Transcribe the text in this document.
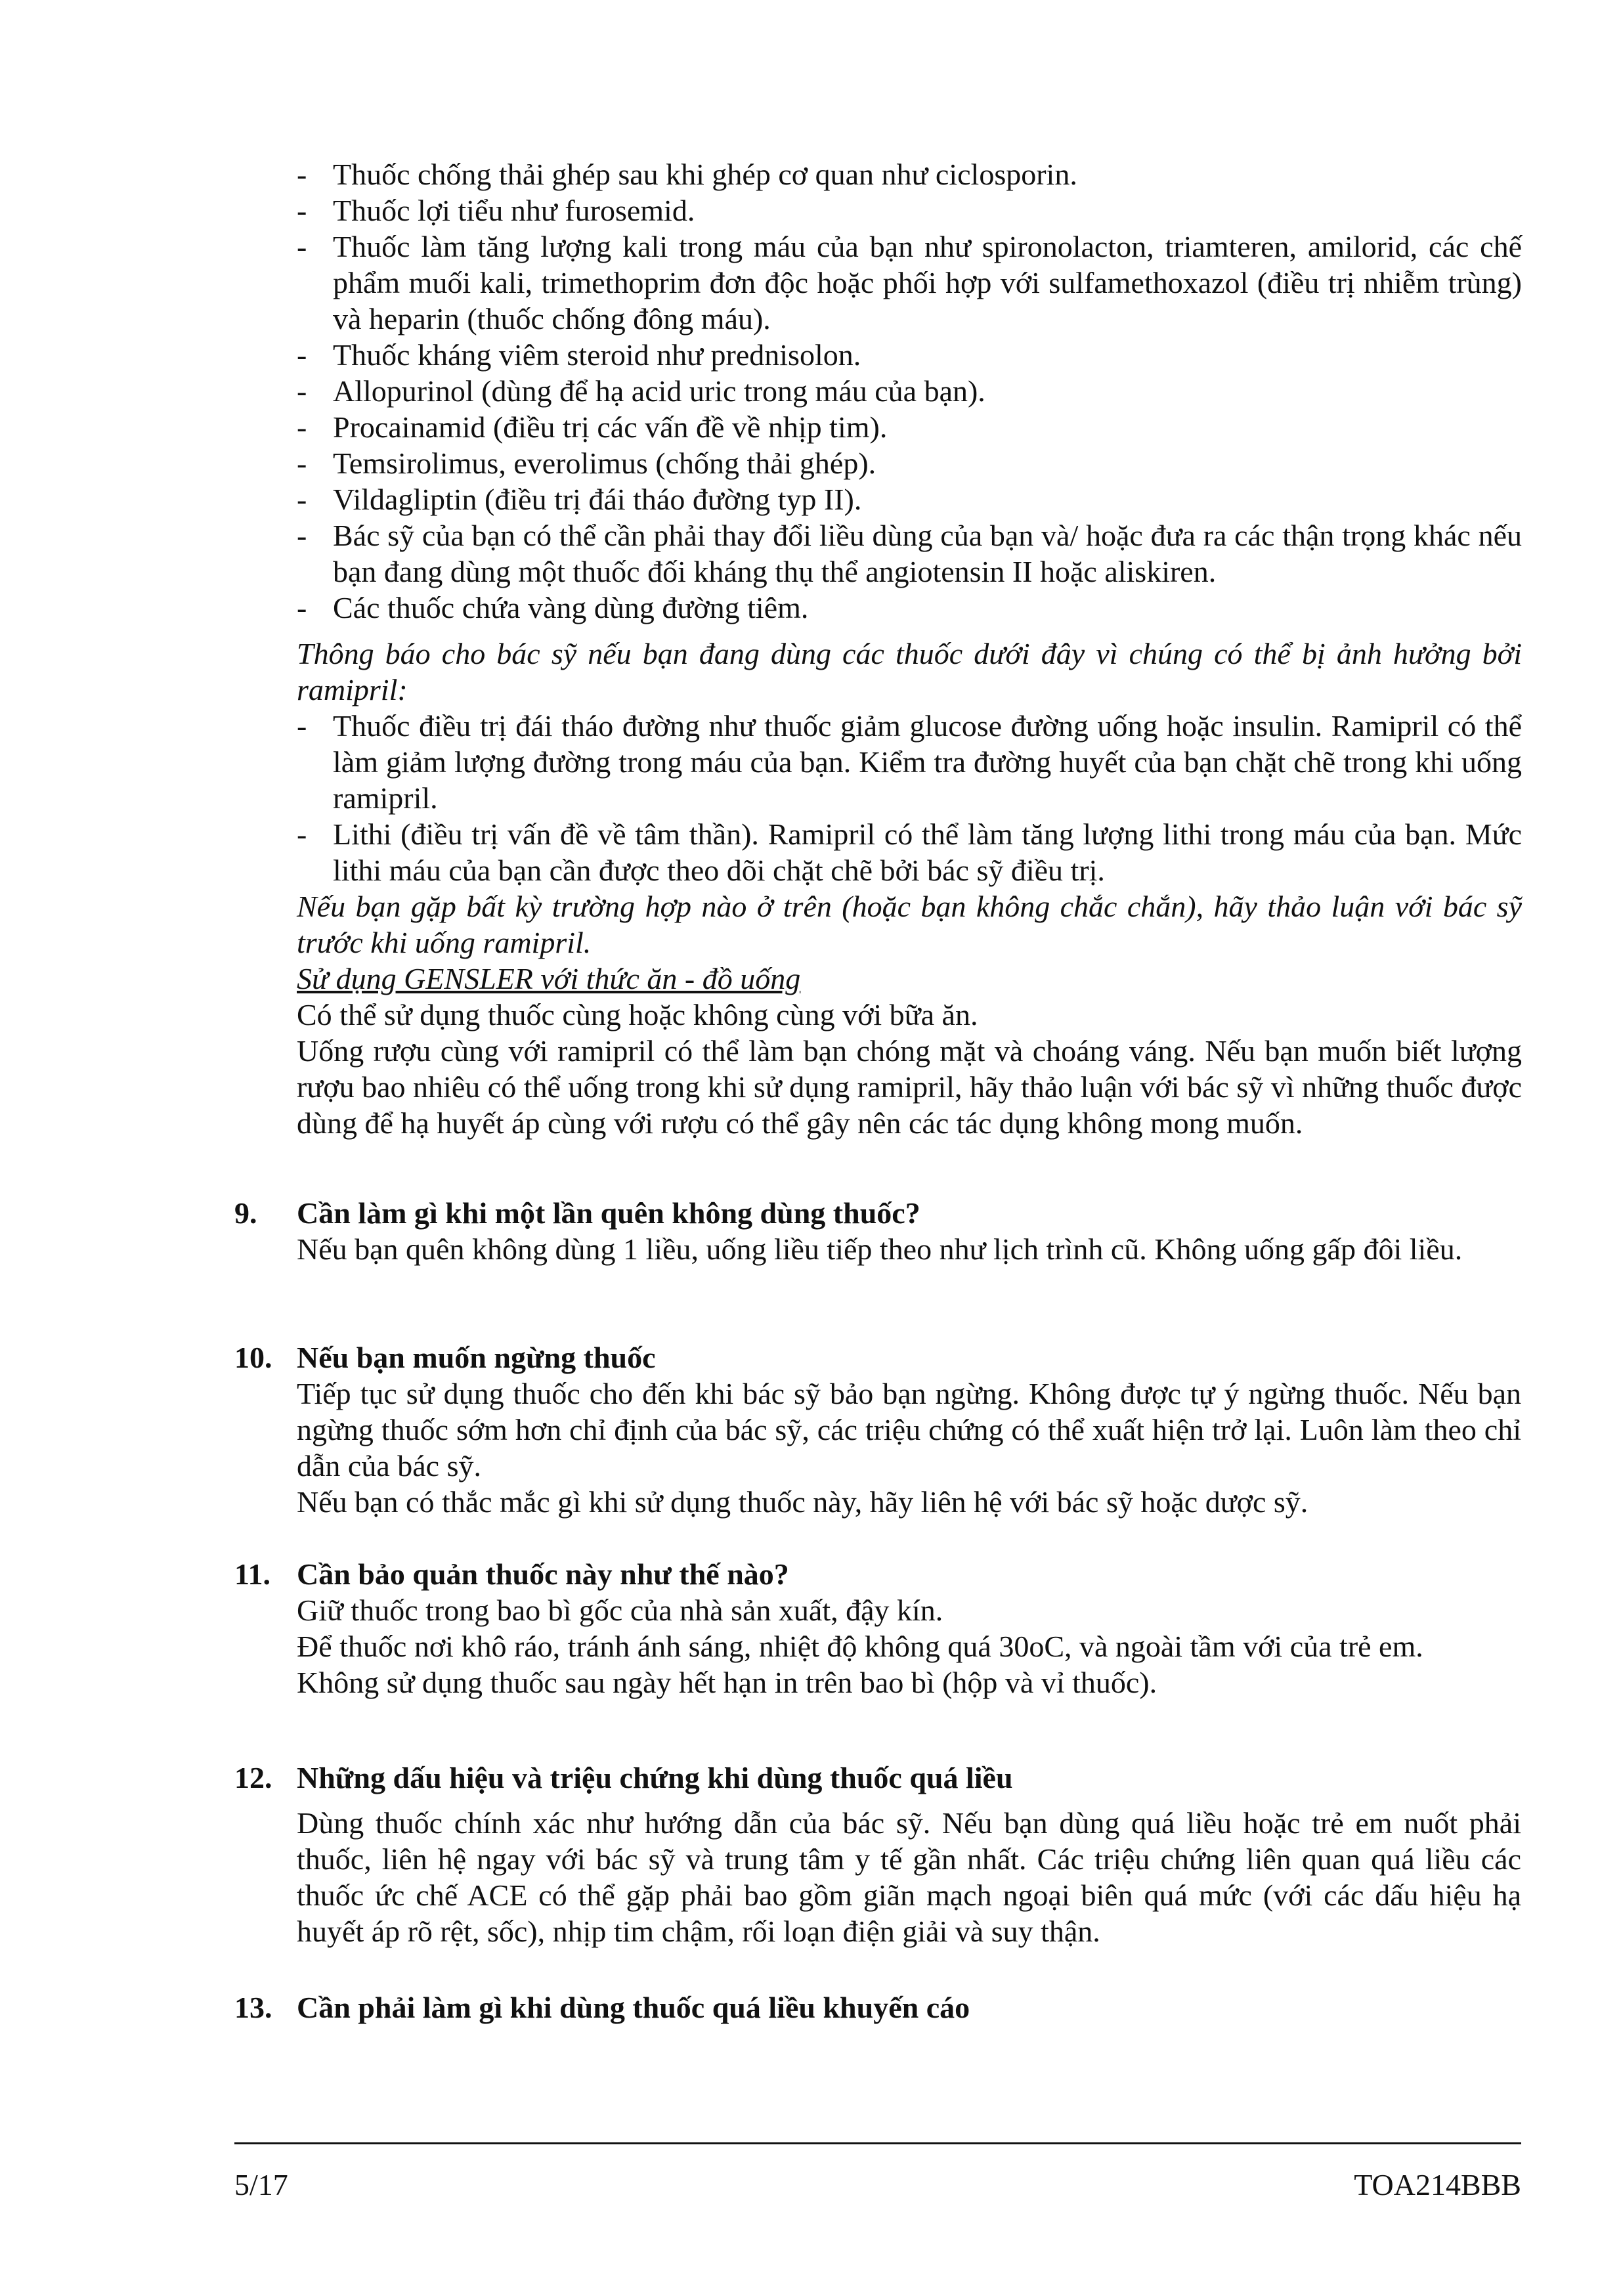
- Thuốc chống thải ghép sau khi ghép cơ quan như ciclosporin.
- Thuốc lợi tiểu như furosemid.
- Thuốc làm tăng lượng kali trong máu của bạn như spironolacton, triamteren, amilorid, các chế phẩm muối kali, trimethoprim đơn độc hoặc phối hợp với sulfamethoxazol (điều trị nhiễm trùng) và heparin (thuốc chống đông máu).
- Thuốc kháng viêm steroid như prednisolon.
- Allopurinol (dùng để hạ acid uric trong máu của bạn).
- Procainamid (điều trị các vấn đề về nhịp tim).
- Temsirolimus, everolimus (chống thải ghép).
- Vildagliptin (điều trị đái tháo đường typ II).
- Bác sỹ của bạn có thể cần phải thay đổi liều dùng của bạn và/ hoặc đưa ra các thận trọng khác nếu bạn đang dùng một thuốc đối kháng thụ thể angiotensin II hoặc aliskiren.
- Các thuốc chứa vàng dùng đường tiêm.
Thông báo cho bác sỹ nếu bạn đang dùng các thuốc dưới đây vì chúng có thể bị ảnh hưởng bởi ramipril:
- Thuốc điều trị đái tháo đường như thuốc giảm glucose đường uống hoặc insulin. Ramipril có thể làm giảm lượng đường trong máu của bạn. Kiểm tra đường huyết của bạn chặt chẽ trong khi uống ramipril.
- Lithi (điều trị vấn đề về tâm thần). Ramipril có thể làm tăng lượng lithi trong máu của bạn. Mức lithi máu của bạn cần được theo dõi chặt chẽ bởi bác sỹ điều trị.
Nếu bạn gặp bất kỳ trường hợp nào ở trên (hoặc bạn không chắc chắn), hãy thảo luận với bác sỹ trước khi uống ramipril.
Sử dụng GENSLER với thức ăn - đồ uống
Có thể sử dụng thuốc cùng hoặc không cùng với bữa ăn.
Uống rượu cùng với ramipril có thể làm bạn chóng mặt và choáng váng. Nếu bạn muốn biết lượng rượu bao nhiêu có thể uống trong khi sử dụng ramipril, hãy thảo luận với bác sỹ vì những thuốc được dùng để hạ huyết áp cùng với rượu có thể gây nên các tác dụng không mong muốn.
9. Cần làm gì khi một lần quên không dùng thuốc?
Nếu bạn quên không dùng 1 liều, uống liều tiếp theo như lịch trình cũ. Không uống gấp đôi liều.
10. Nếu bạn muốn ngừng thuốc
Tiếp tục sử dụng thuốc cho đến khi bác sỹ bảo bạn ngừng. Không được tự ý ngừng thuốc. Nếu bạn ngừng thuốc sớm hơn chỉ định của bác sỹ, các triệu chứng có thể xuất hiện trở lại. Luôn làm theo chỉ dẫn của bác sỹ.
Nếu bạn có thắc mắc gì khi sử dụng thuốc này, hãy liên hệ với bác sỹ hoặc dược sỹ.
11. Cần bảo quản thuốc này như thế nào?
Giữ thuốc trong bao bì gốc của nhà sản xuất, đậy kín.
Để thuốc nơi khô ráo, tránh ánh sáng, nhiệt độ không quá 30oC, và ngoài tầm với của trẻ em.
Không sử dụng thuốc sau ngày hết hạn in trên bao bì (hộp và vỉ thuốc).
12. Những dấu hiệu và triệu chứng khi dùng thuốc quá liều
Dùng thuốc chính xác như hướng dẫn của bác sỹ. Nếu bạn dùng quá liều hoặc trẻ em nuốt phải thuốc, liên hệ ngay với bác sỹ và trung tâm y tế gần nhất. Các triệu chứng liên quan quá liều các thuốc ức chế ACE có thể gặp phải bao gồm giãn mạch ngoại biên quá mức (với các dấu hiệu hạ huyết áp rõ rệt, sốc), nhịp tim chậm, rối loạn điện giải và suy thận.
13. Cần phải làm gì khi dùng thuốc quá liều khuyến cáo
5/17	TOA214BBB
